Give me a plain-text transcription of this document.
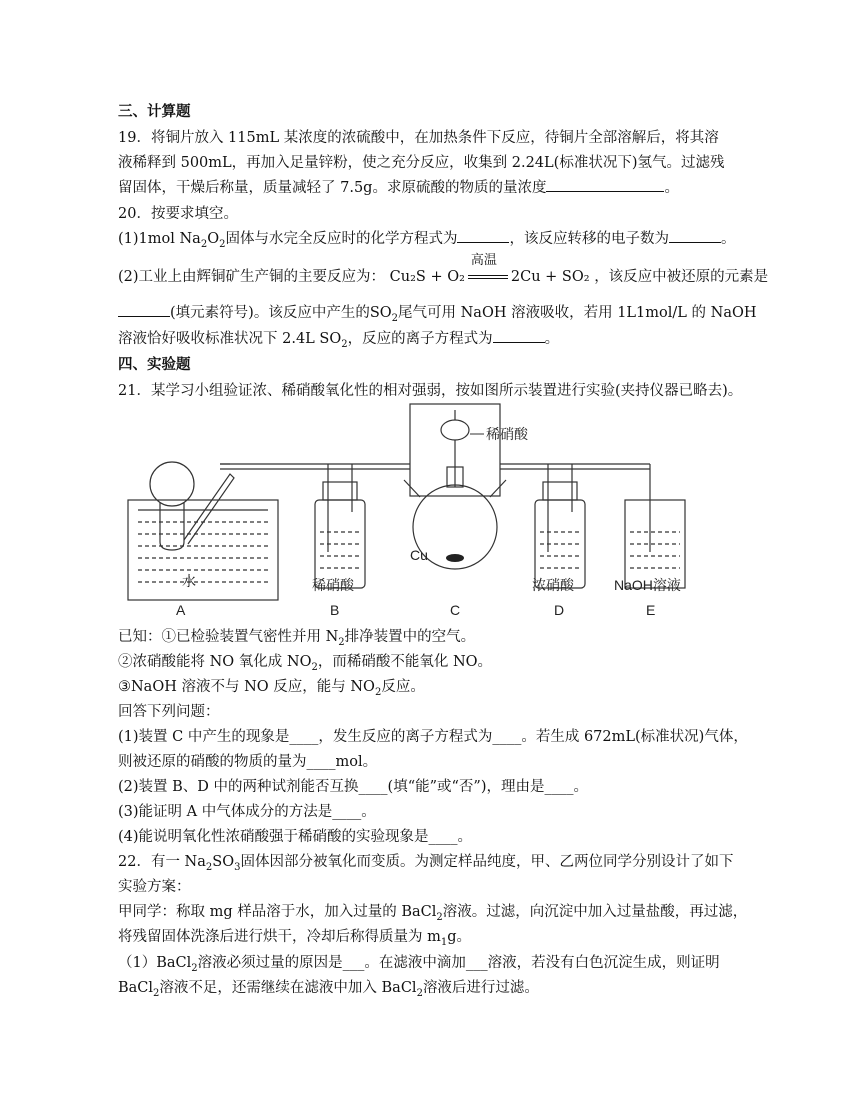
三、计算题
19．将铜片放入 115mL 某浓度的浓硫酸中，在加热条件下反应，待铜片全部溶解后，将其溶
液稀释到 500mL，再加入足量锌粉，使之充分反应，收集到 2.24L(标准状况下)氢气。过滤残
留固体，干燥后称量，质量减轻了 7.5g。求原硫酸的物质的量浓度	。
20．按要求填空。
(1)1mol $Na_2O_2$固体与水完全反应时的化学方程式为	，该反应转移的电子数为	。
(2)工业上由辉铜矿生产铜的主要反应为： Cu₂S + O₂
高温
2Cu + SO₂ ，该反应中被还原的元素是
(填元素符号)。该反应中产生的$SO_2$尾气可用 NaOH 溶液吸收，若用 1L1mol/L 的 NaOH
溶液恰好吸收标准状况下 2.4L $SO_2$，反应的离子方程式为	。
四、实验题
21．某学习小组验证浓、稀硝酸氧化性的相对强弱，按如图所示装置进行实验(夹持仪器已略去)。
稀硝酸
Cu
水	稀硝酸	浓硝酸	NaOH溶液
A	B	C	D	E
已知：①已检验装置气密性并用 $N_2$排净装置中的空气。
②浓硝酸能将 NO 氧化成 $NO_2$，而稀硝酸不能氧化 NO。
③NaOH 溶液不与 NO 反应，能与 $NO_2$反应。
回答下列问题：
(1)装置 C 中产生的现象是____，发生反应的离子方程式为____。若生成 672mL(标准状况)气体，
则被还原的硝酸的物质的量为____mol。
(2)装置 B、D 中的两种试剂能否互换____(填“能”或“否”)，理由是____。
(3)能证明 A 中气体成分的方法是____。
(4)能说明氧化性浓硝酸强于稀硝酸的实验现象是____。
22．有一 $Na_2SO_3$固体因部分被氧化而变质。为测定样品纯度，甲、乙两位同学分别设计了如下
实验方案：
甲同学：称取 mg 样品溶于水，加入过量的 BaCl$_2$溶液。过滤，向沉淀中加入过量盐酸，再过滤，
将残留固体洗涤后进行烘干，冷却后称得质量为 $m_1g$。
（1）BaCl$_2$溶液必须过量的原因是___。在滤液中滴加___溶液，若没有白色沉淀生成，则证明
BaCl$_2$溶液不足，还需继续在滤液中加入 BaCl$_2$溶液后进行过滤。
